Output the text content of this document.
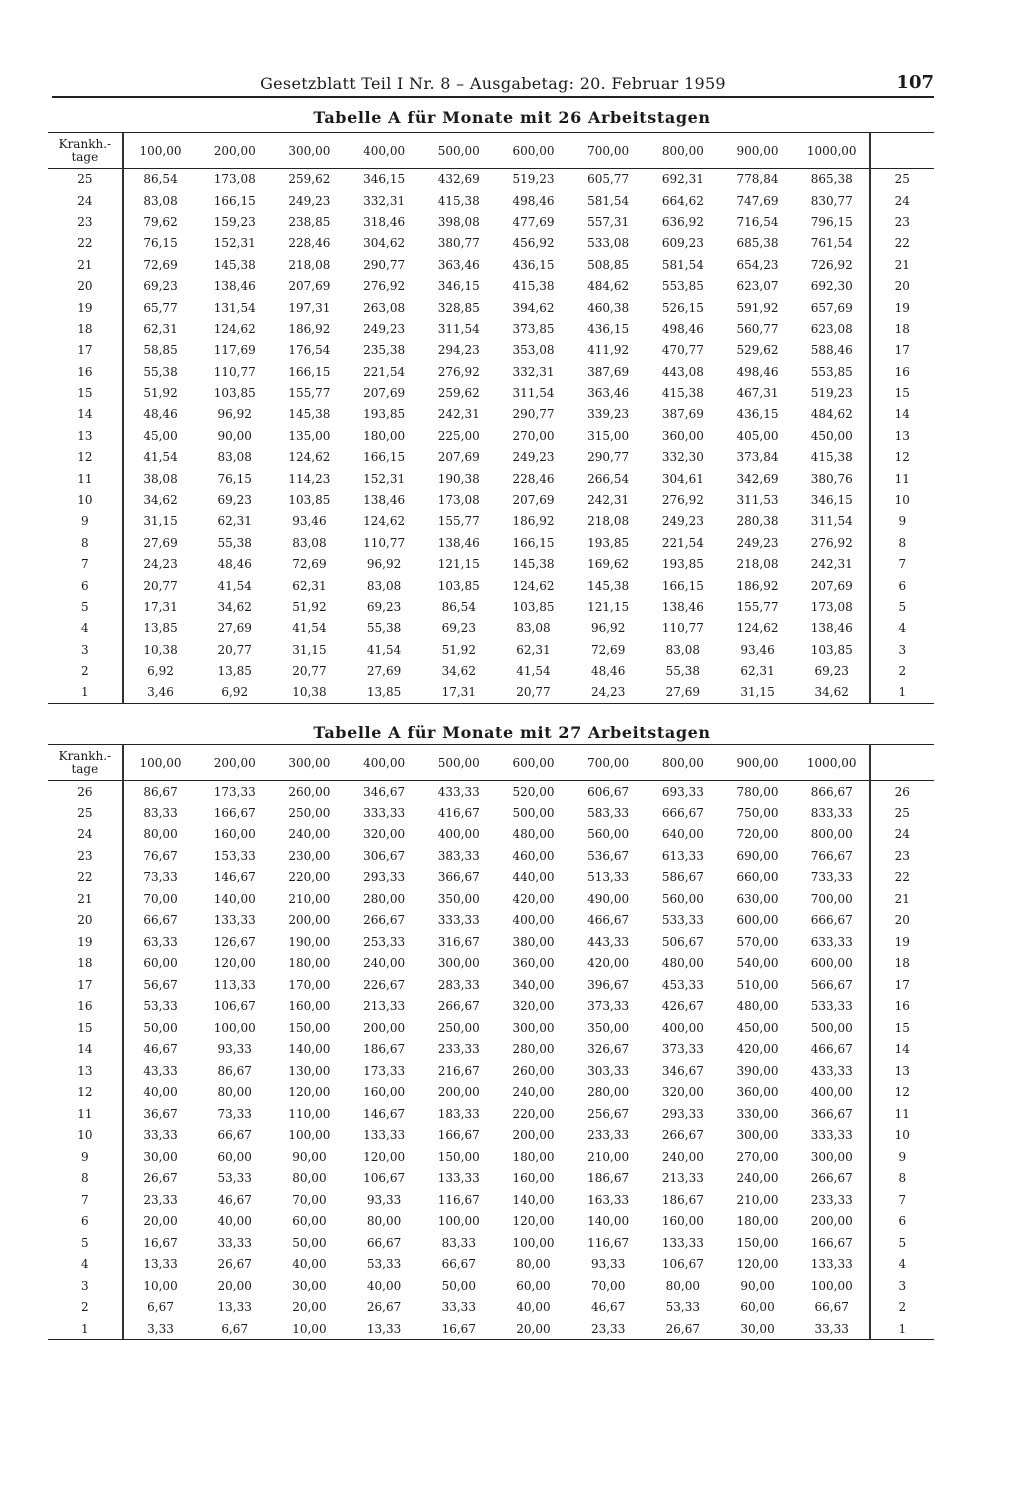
Gesetzblatt Teil I Nr. 8 – Ausgabetag: 20. Februar 1959	107
Tabelle A für Monate mit 26 Arbeitstagen
Krankh.-
tage	100,00	200,00	300,00	400,00	500,00	600,00	700,00	800,00	900,00	1000,00	
25	86,54	173,08	259,62	346,15	432,69	519,23	605,77	692,31	778,84	865,38	25
24	83,08	166,15	249,23	332,31	415,38	498,46	581,54	664,62	747,69	830,77	24
23	79,62	159,23	238,85	318,46	398,08	477,69	557,31	636,92	716,54	796,15	23
22	76,15	152,31	228,46	304,62	380,77	456,92	533,08	609,23	685,38	761,54	22
21	72,69	145,38	218,08	290,77	363,46	436,15	508,85	581,54	654,23	726,92	21
20	69,23	138,46	207,69	276,92	346,15	415,38	484,62	553,85	623,07	692,30	20
19	65,77	131,54	197,31	263,08	328,85	394,62	460,38	526,15	591,92	657,69	19
18	62,31	124,62	186,92	249,23	311,54	373,85	436,15	498,46	560,77	623,08	18
17	58,85	117,69	176,54	235,38	294,23	353,08	411,92	470,77	529,62	588,46	17
16	55,38	110,77	166,15	221,54	276,92	332,31	387,69	443,08	498,46	553,85	16
15	51,92	103,85	155,77	207,69	259,62	311,54	363,46	415,38	467,31	519,23	15
14	48,46	96,92	145,38	193,85	242,31	290,77	339,23	387,69	436,15	484,62	14
13	45,00	90,00	135,00	180,00	225,00	270,00	315,00	360,00	405,00	450,00	13
12	41,54	83,08	124,62	166,15	207,69	249,23	290,77	332,30	373,84	415,38	12
11	38,08	76,15	114,23	152,31	190,38	228,46	266,54	304,61	342,69	380,76	11
10	34,62	69,23	103,85	138,46	173,08	207,69	242,31	276,92	311,53	346,15	10
9	31,15	62,31	93,46	124,62	155,77	186,92	218,08	249,23	280,38	311,54	9
8	27,69	55,38	83,08	110,77	138,46	166,15	193,85	221,54	249,23	276,92	8
7	24,23	48,46	72,69	96,92	121,15	145,38	169,62	193,85	218,08	242,31	7
6	20,77	41,54	62,31	83,08	103,85	124,62	145,38	166,15	186,92	207,69	6
5	17,31	34,62	51,92	69,23	86,54	103,85	121,15	138,46	155,77	173,08	5
4	13,85	27,69	41,54	55,38	69,23	83,08	96,92	110,77	124,62	138,46	4
3	10,38	20,77	31,15	41,54	51,92	62,31	72,69	83,08	93,46	103,85	3
2	6,92	13,85	20,77	27,69	34,62	41,54	48,46	55,38	62,31	69,23	2
1	3,46	6,92	10,38	13,85	17,31	20,77	24,23	27,69	31,15	34,62	1
Tabelle A für Monate mit 27 Arbeitstagen
Krankh.-
tage	100,00	200,00	300,00	400,00	500,00	600,00	700,00	800,00	900,00	1000,00	
26	86,67	173,33	260,00	346,67	433,33	520,00	606,67	693,33	780,00	866,67	26
25	83,33	166,67	250,00	333,33	416,67	500,00	583,33	666,67	750,00	833,33	25
24	80,00	160,00	240,00	320,00	400,00	480,00	560,00	640,00	720,00	800,00	24
23	76,67	153,33	230,00	306,67	383,33	460,00	536,67	613,33	690,00	766,67	23
22	73,33	146,67	220,00	293,33	366,67	440,00	513,33	586,67	660,00	733,33	22
21	70,00	140,00	210,00	280,00	350,00	420,00	490,00	560,00	630,00	700,00	21
20	66,67	133,33	200,00	266,67	333,33	400,00	466,67	533,33	600,00	666,67	20
19	63,33	126,67	190,00	253,33	316,67	380,00	443,33	506,67	570,00	633,33	19
18	60,00	120,00	180,00	240,00	300,00	360,00	420,00	480,00	540,00	600,00	18
17	56,67	113,33	170,00	226,67	283,33	340,00	396,67	453,33	510,00	566,67	17
16	53,33	106,67	160,00	213,33	266,67	320,00	373,33	426,67	480,00	533,33	16
15	50,00	100,00	150,00	200,00	250,00	300,00	350,00	400,00	450,00	500,00	15
14	46,67	93,33	140,00	186,67	233,33	280,00	326,67	373,33	420,00	466,67	14
13	43,33	86,67	130,00	173,33	216,67	260,00	303,33	346,67	390,00	433,33	13
12	40,00	80,00	120,00	160,00	200,00	240,00	280,00	320,00	360,00	400,00	12
11	36,67	73,33	110,00	146,67	183,33	220,00	256,67	293,33	330,00	366,67	11
10	33,33	66,67	100,00	133,33	166,67	200,00	233,33	266,67	300,00	333,33	10
9	30,00	60,00	90,00	120,00	150,00	180,00	210,00	240,00	270,00	300,00	9
8	26,67	53,33	80,00	106,67	133,33	160,00	186,67	213,33	240,00	266,67	8
7	23,33	46,67	70,00	93,33	116,67	140,00	163,33	186,67	210,00	233,33	7
6	20,00	40,00	60,00	80,00	100,00	120,00	140,00	160,00	180,00	200,00	6
5	16,67	33,33	50,00	66,67	83,33	100,00	116,67	133,33	150,00	166,67	5
4	13,33	26,67	40,00	53,33	66,67	80,00	93,33	106,67	120,00	133,33	4
3	10,00	20,00	30,00	40,00	50,00	60,00	70,00	80,00	90,00	100,00	3
2	6,67	13,33	20,00	26,67	33,33	40,00	46,67	53,33	60,00	66,67	2
1	3,33	6,67	10,00	13,33	16,67	20,00	23,33	26,67	30,00	33,33	1
